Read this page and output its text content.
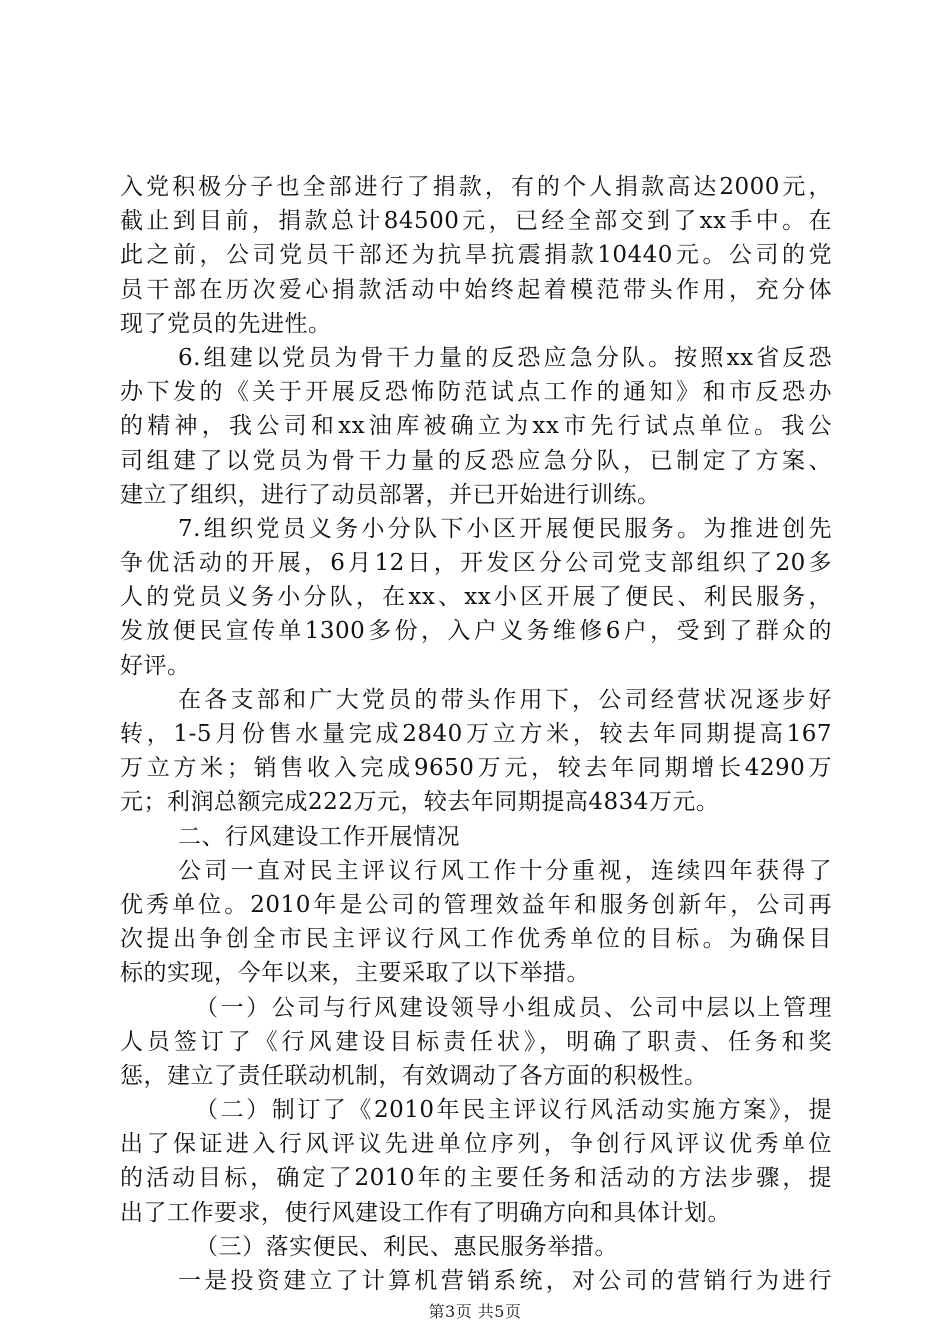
入党积极分子也全部进行了捐款，有的个人捐款高达2000元，
截止到目前，捐款总计84500元，已经全部交到了xx手中。在
此之前，公司党员干部还为抗旱抗震捐款10440元。公司的党
员干部在历次爱心捐款活动中始终起着模范带头作用，充分体
现了党员的先进性。
6.组建以党员为骨干力量的反恐应急分队。按照xx省反恐
办下发的《关于开展反恐怖防范试点工作的通知》和市反恐办
的精神，我公司和xx油库被确立为xx市先行试点单位。我公
司组建了以党员为骨干力量的反恐应急分队，已制定了方案、
建立了组织，进行了动员部署，并已开始进行训练。
7.组织党员义务小分队下小区开展便民服务。为推进创先
争优活动的开展，6月12日，开发区分公司党支部组织了20多
人的党员义务小分队，在xx、xx小区开展了便民、利民服务，
发放便民宣传单1300多份，入户义务维修6户，受到了群众的
好评。
在各支部和广大党员的带头作用下，公司经营状况逐步好
转，1-5月份售水量完成2840万立方米，较去年同期提高167
万立方米；销售收入完成9650万元，较去年同期增长4290万
元；利润总额完成222万元，较去年同期提高4834万元。
二、行风建设工作开展情况
公司一直对民主评议行风工作十分重视，连续四年获得了
优秀单位。2010年是公司的管理效益年和服务创新年，公司再
次提出争创全市民主评议行风工作优秀单位的目标。为确保目
标的实现，今年以来，主要采取了以下举措。
（一）公司与行风建设领导小组成员、公司中层以上管理
人员签订了《行风建设目标责任状》，明确了职责、任务和奖
惩，建立了责任联动机制，有效调动了各方面的积极性。
（二）制订了《2010年民主评议行风活动实施方案》，提
出了保证进入行风评议先进单位序列，争创行风评议优秀单位
的活动目标，确定了2010年的主要任务和活动的方法步骤，提
出了工作要求，使行风建设工作有了明确方向和具体计划。
（三）落实便民、利民、惠民服务举措。
一是投资建立了计算机营销系统，对公司的营销行为进行
第3页 共5页
